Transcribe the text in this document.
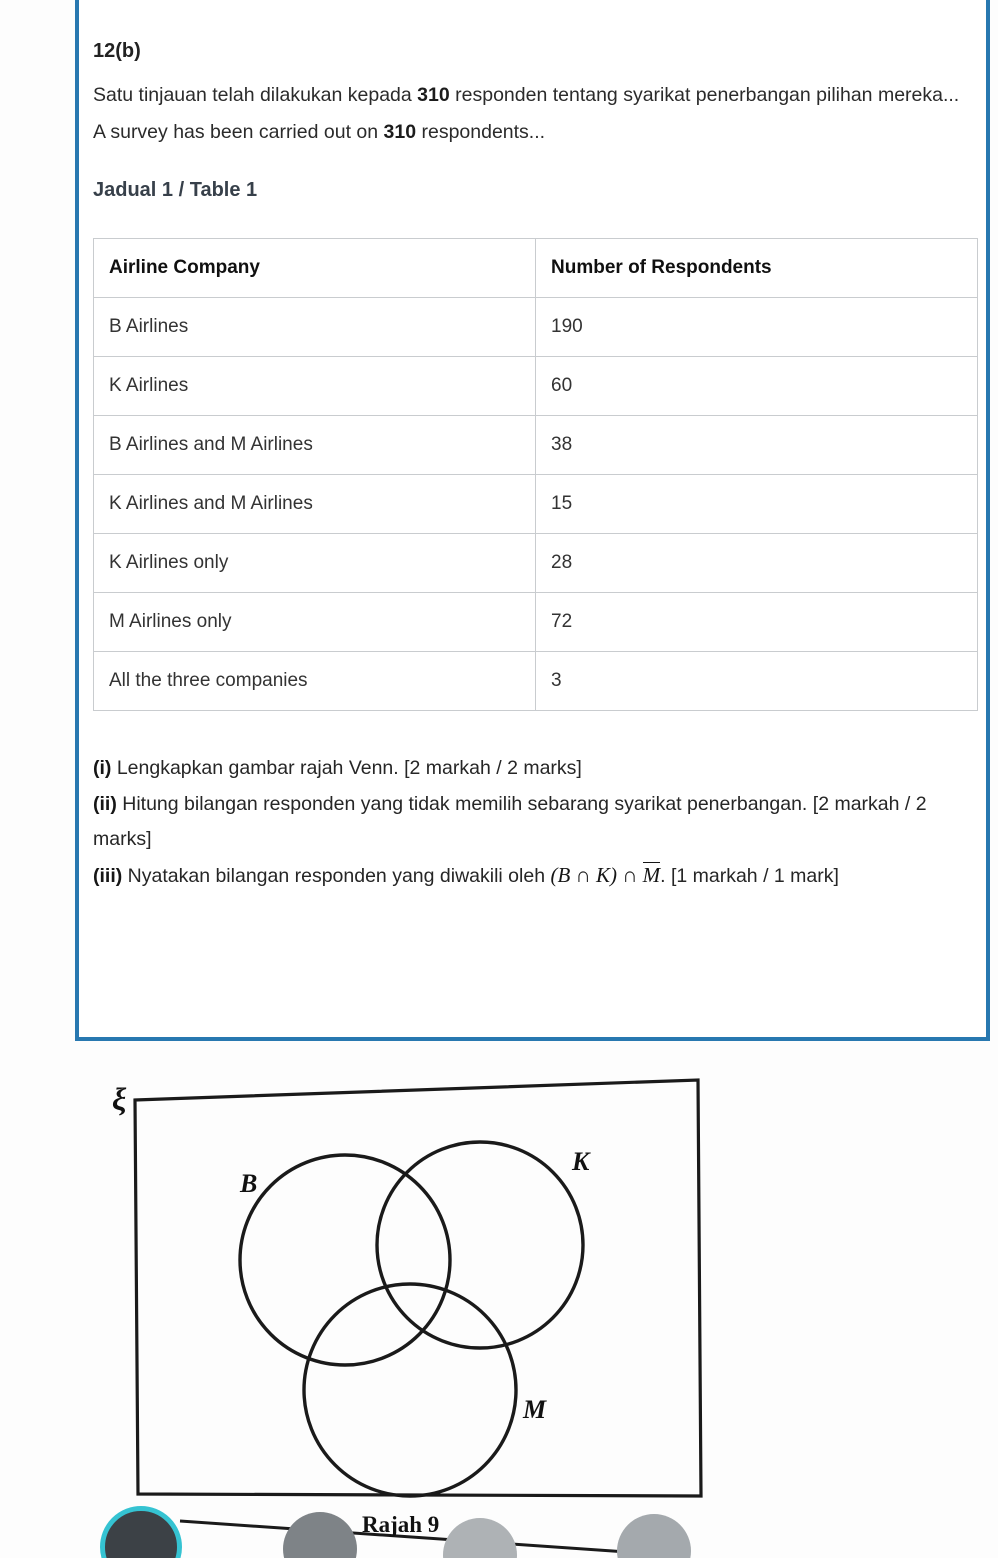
12(b)

Satu tinjauan telah dilakukan kepada 310 responden tentang syarikat penerbangan pilihan mereka...

A survey has been carried out on 310 respondents...

Jadual 1 / Table 1
Airline Company	Number of Respondents
B Airlines	190
K Airlines	60
B Airlines and M Airlines	38
K Airlines and M Airlines	15
K Airlines only	28
M Airlines only	72
All the three companies	3

(i) Lengkapkan gambar rajah Venn. [2 markah / 2 marks]

(ii) Hitung bilangan responden yang tidak memilih sebarang syarikat penerbangan. [2 markah / 2 marks]

(iii) Nyatakan bilangan responden yang diwakili oleh (B ∩ K) ∩ M. [1 markah / 1 mark]

ξ
B
K
M
Rajah 9
